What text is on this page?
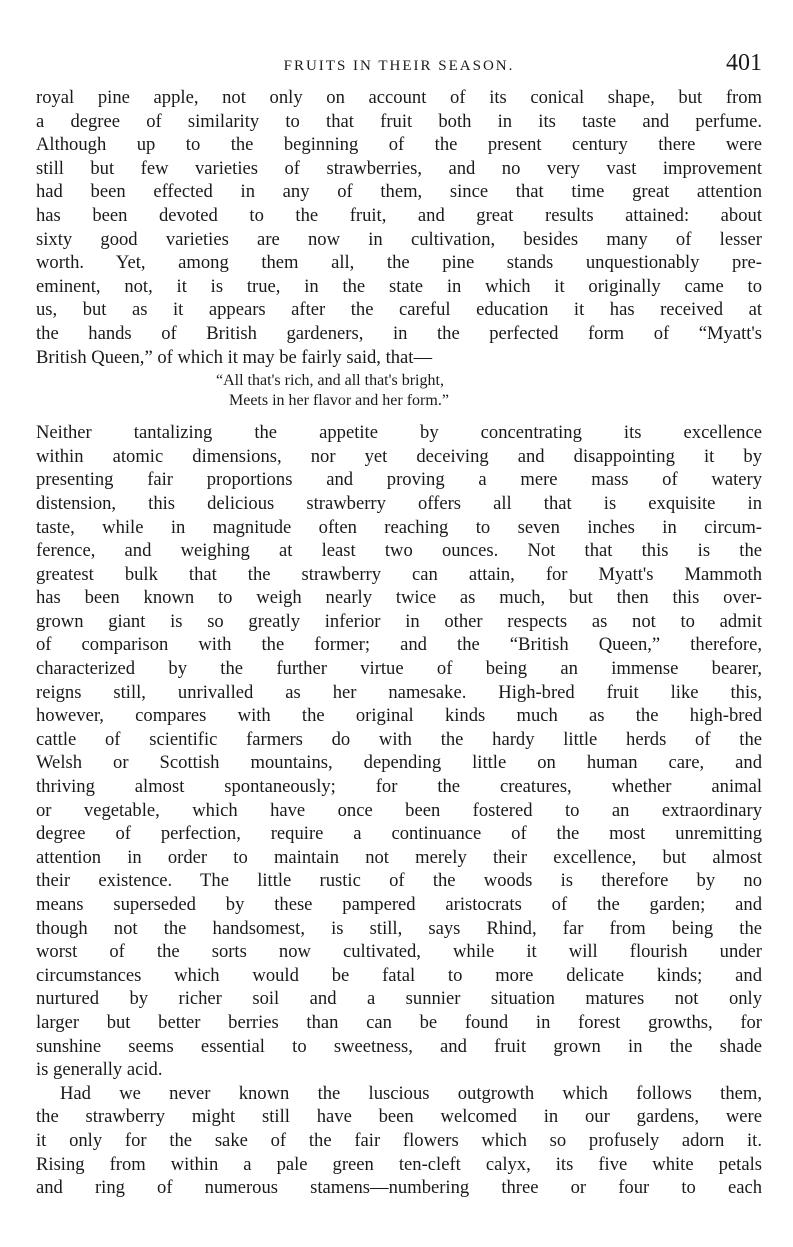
FRUITS IN THEIR SEASON.	401
royal pine apple, not only on account of its conical shape, but from
a degree of similarity to that fruit both in its taste and perfume.
Although up to the beginning of the present century there were
still but few varieties of strawberries, and no very vast improvement
had been effected in any of them, since that time great attention
has been devoted to the fruit, and great results attained: about
sixty good varieties are now in cultivation, besides many of lesser
worth. Yet, among them all, the pine stands unquestionably pre-
eminent, not, it is true, in the state in which it originally came to
us, but as it appears after the careful education it has received at
the hands of British gardeners, in the perfected form of “Myatt's
British Queen,” of which it may be fairly said, that—
“All that's rich, and all that's bright,
Meets in her flavor and her form.”
Neither tantalizing the appetite by concentrating its excellence
within atomic dimensions, nor yet deceiving and disappointing it by
presenting fair proportions and proving a mere mass of watery
distension, this delicious strawberry offers all that is exquisite in
taste, while in magnitude often reaching to seven inches in circum-
ference, and weighing at least two ounces. Not that this is the
greatest bulk that the strawberry can attain, for Myatt's Mammoth
has been known to weigh nearly twice as much, but then this over-
grown giant is so greatly inferior in other respects as not to admit
of comparison with the former; and the “British Queen,” therefore,
characterized by the further virtue of being an immense bearer,
reigns still, unrivalled as her namesake. High-bred fruit like this,
however, compares with the original kinds much as the high-bred
cattle of scientific farmers do with the hardy little herds of the
Welsh or Scottish mountains, depending little on human care, and
thriving almost spontaneously; for the creatures, whether animal
or vegetable, which have once been fostered to an extraordinary
degree of perfection, require a continuance of the most unremitting
attention in order to maintain not merely their excellence, but almost
their existence. The little rustic of the woods is therefore by no
means superseded by these pampered aristocrats of the garden; and
though not the handsomest, is still, says Rhind, far from being the
worst of the sorts now cultivated, while it will flourish under
circumstances which would be fatal to more delicate kinds; and
nurtured by richer soil and a sunnier situation matures not only
larger but better berries than can be found in forest growths, for
sunshine seems essential to sweetness, and fruit grown in the shade
is generally acid.
Had we never known the luscious outgrowth which follows them,
the strawberry might still have been welcomed in our gardens, were
it only for the sake of the fair flowers which so profusely adorn it.
Rising from within a pale green ten-cleft calyx, its five white petals
and ring of numerous stamens—numbering three or four to each
